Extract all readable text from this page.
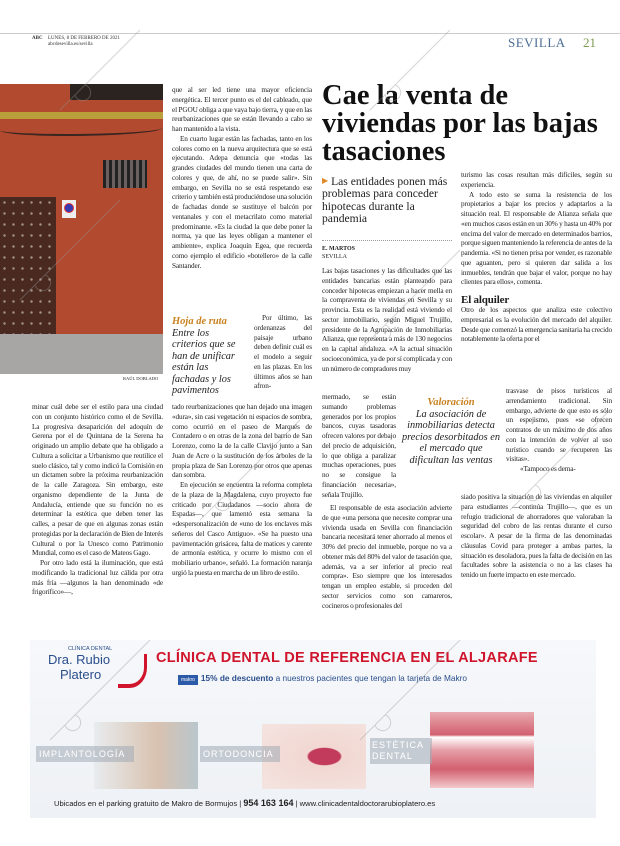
ABC LUNES, 8 DE FEBRERO DE 2021
abcdesevilla.es/sevilla	SEVILLA 21
RAÚL DOBLADO

minar cuál debe ser el estilo para una ciudad con un conjunto histórico como el de Sevilla. La progresiva desaparición del adoquín de Gerena por el de Quintana de la Serena ha originado un amplio debate que ha obligado a Cultura a solicitar a Urbanismo que reutilice el suelo clásico, tal y como indicó la Comisión en un dictamen sobre la próxima reurbanización de la calle Zaragoza. Sin embargo, este organismo dependiente de la Junta de Andalucía, entiende que su función no es determinar la estética que deben tener las calles, a pesar de que en algunas zonas están protegidas por la declaración de Bien de Interés Cultural o por la Unesco como Patrimonio Mundial, como es el caso de Mateos Gago.

Por otro lado está la iluminación, que está modificando la tradicional luz cálida por otra más fría —algunos la han denominado «de frigorífico»—,

que al ser led tiene una mayor eficiencia energética. El tercer punto es el del cableado, que el PGOU obliga a que vaya bajo tierra, y que en las reurbanizaciones que se están llevando a cabo se han mantenido a la vista.

En cuarto lugar están las fachadas, tanto en los colores como en la nueva arquitectura que se está ejecutando. Adepa denuncia que «todas las grandes ciudades del mundo tienen una carta de colores y que, de ahí, no se puede salir». Sin embargo, en Sevilla no se está respetando ese criterio y también está produciéndose una solución de fachadas donde se sustituye el balcón por ventanales y con el metacrilato como material predominante. «Es la ciudad la que debe poner la norma, ya que las leyes obligan a mantener el ambiente», explica Joaquín Egea, que recuerda como ejemplo el edificio «botellero» de la calle Santander.

Hoja de ruta
Entre los criterios que se han de unificar están las fachadas y los pavimentos

Por último, las ordenanzas del paisaje urbano deben definir cuál es el modelo a seguir en las plazas. En los últimos años se han afron-

tado reurbanizaciones que han dejado una imagen «dura», sin casi vegetación ni espacios de sombra, como ocurrió en el paseo de Marqués de Contadero o en otras de la zona del barrio de San Lorenzo, como la de la calle Clavijo junto a San Juan de Acre o la sustitución de los árboles de la propia plaza de San Lorenzo por otros que apenas dan sombra.

En ejecución se encuentra la reforma completa de la plaza de la Magdalena, cuyo proyecto fue criticado por Ciudadanos —socio ahora de Espadas—, que lamentó esta semana la «despersonalización de «uno de los enclaves más señeros del Casco Antiguo». «Se ha puesto una pavimentación grisácea, falta de matices y carente de armonía estética, y ocurre lo mismo con el mobiliario urbano», señaló. La formación naranja urgió la puesta en marcha de un libro de estilo.

Cae la venta de viviendas por las bajas tasaciones
▶ Las entidades ponen más problemas para conceder hipotecas durante la pandemia
E. MARTOS
SEVILLA

Las bajas tasaciones y las dificultades que las entidades bancarias están planteando para conceder hipotecas empiezan a hacer mella en la compraventa de viviendas en Sevilla y su provincia. Esta es la realidad está viviendo el sector inmobiliario, según Miguel Trujillo, presidente de la Agrupación de Inmobiliarias Alianza, que representa a más de 130 negocios en la capital andaluza. «A la actual situación socioeconómica, ya de por sí complicada y con un número de compradores muy

mermado, se están sumando problemas generados por los propios bancos, cuyas tasadoras ofrecen valores por debajo del precio de adquisición, lo que obliga a paralizar muchas operaciones, pues no se consigue la financiación necesaria», señala Trujillo.

Valoración
La asociación de inmobiliarias detecta precios desorbitados en el mercado que dificultan las ventas

El responsable de esta asociación advierte de que «una persona que necesite comprar una vivienda usada en Sevilla con financiación bancaria necesitará tener ahorrado al menos el 30% del precio del inmueble, porque no va a obtener más del 80% del valor de tasación que, además, va a ser inferior al precio real compra». Eso siempre que los interesados tengan un empleo estable, si proceden del sector servicios como son camareros, cocineros o profesionales del

turismo las cosas resultan más difíciles, según su experiencia.

A todo esto se suma la resistencia de los propietarios a bajar los precios y adaptarlos a la situación real. El responsable de Alianza señala que «en muchos casos están en un 30% y hasta un 40% por encima del valor de mercado en determinados barrios, porque siguen manteniendo la referencia de antes de la pandemia. «Si no tienen prisa por vender, es razonable que aguanten, pero si quieren dar salida a los inmuebles, tendrán que bajar el valor, porque no hay clientes para ellos», comenta.

El alquiler

Otro de los aspectos que analiza este colectivo empresarial es la evolución del mercado del alquiler. Desde que comenzó la emergencia sanitaria ha crecido notablemente la oferta por el

trasvase de pisos turísticos al arrendamiento tradicional. Sin embargo, advierte de que esto es sólo un espejismo, pues «se ofrecen contratos de un máximo de dos años con la intención de volver al uso turístico cuando se recuperen las visitas».

«Tampoco es dema-

siado positiva la situación de las viviendas en alquiler para estudiantes —continúa Trujillo—, que es un refugio tradicional de ahorradores que valoraban la seguridad del cobro de las rentas durante el curso escolar». A pesar de la firma de las denominadas cláusulas Covid para proteger a ambas partes, la situación es desoladora, pues la falta de decisión en las facultades sobre la asistencia o no a las clases ha tenido un fuerte impacto en este mercado.

CLÍNICA DENTAL
Dra. Rubio
Platero
CLÍNICA DENTAL DE REFERENCIA EN EL ALJARAFE
makro 15% de descuento a nuestros pacientes que tengan la tarjeta de Makro
IMPLANTOLOGÍA	ORTODONCIA
ESTÉTICA DENTAL
Ubicados en el parking gratuito de Makro de Bormujos | 954 163 164 | www.clinicadentaldoctorarubioplatero.es
